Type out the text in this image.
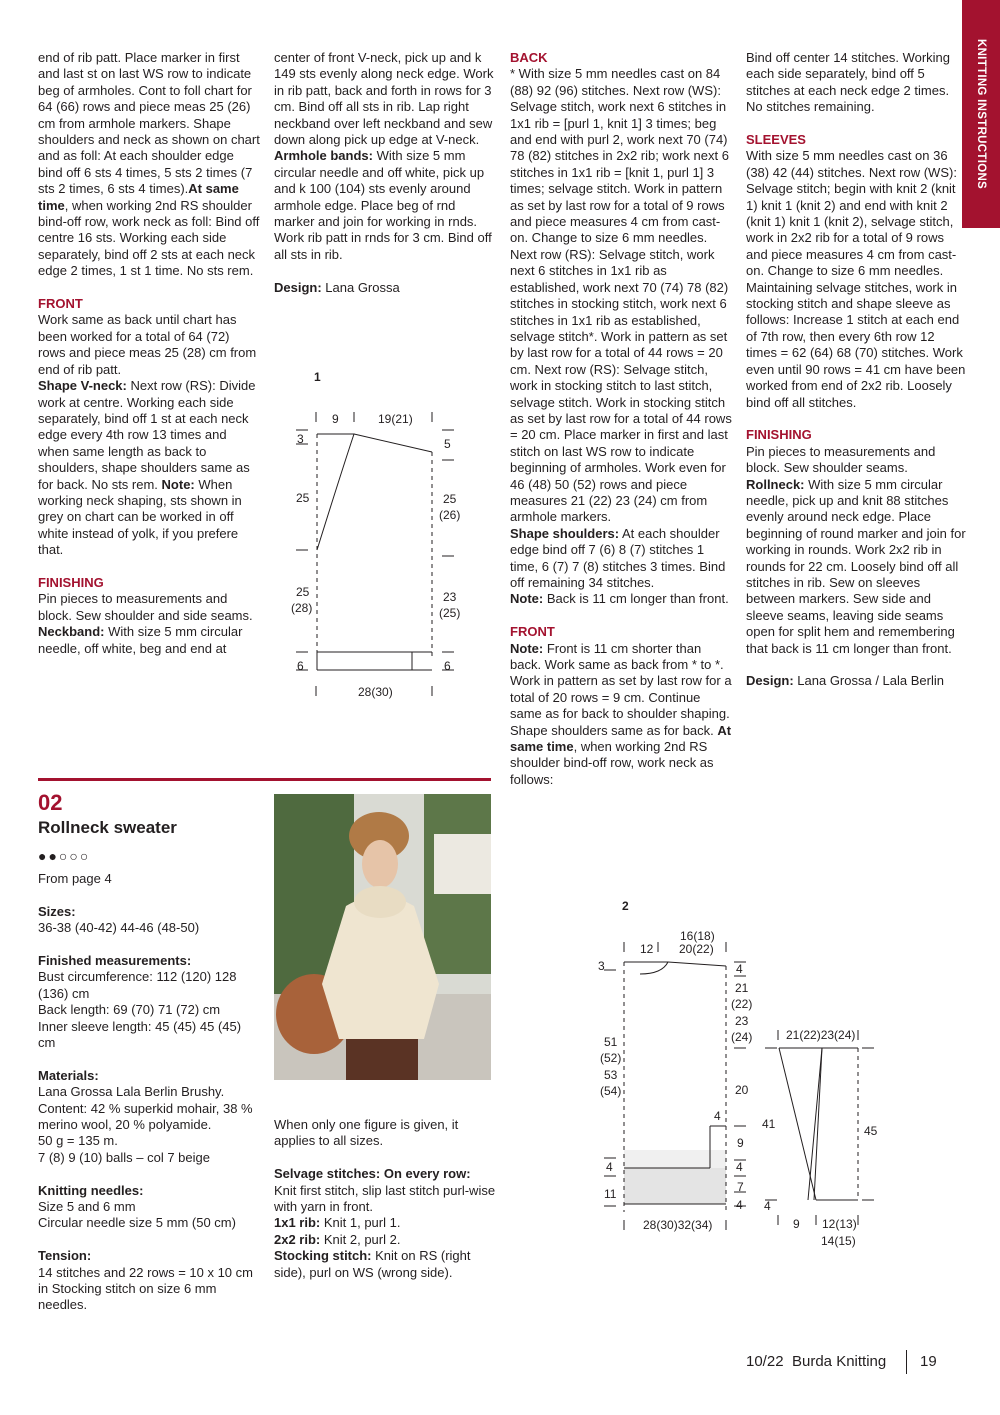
KNITTING INSTRUCTIONS

end of rib patt. Place marker in first and last st on last WS row to indicate beg of armholes. Cont to foll chart for 64 (66) rows and piece meas 25 (26) cm from armhole markers. Shape shoulders and neck as shown on chart and as foll: At each shoulder edge bind off 6 sts 4 times, 5 sts 2 times (7 sts 2 times, 6 sts 4 times).At same time, when working 2nd RS shoulder bind-off row, work neck as foll: Bind off centre 16 sts. Working each side separately, bind off 2 sts at each neck edge 2 times, 1 st 1 time. No sts rem.

FRONT

Work same as back until chart has been worked for a total of 64 (72) rows and piece meas 25 (28) cm from end of rib patt.

Shape V-neck: Next row (RS): Divide work at centre. Working each side separately, bind off 1 st at each neck edge every 4th row 13 times and when same length as back to shoulders, shape shoulders same as for back. No sts rem. Note: When working neck shaping, sts shown in grey on chart can be worked in off white instead of yolk, if you prefere that.

FINISHING

Pin pieces to measurements and block. Sew shoulder and side seams.

Neckband: With size 5 mm circular needle, off white, beg and end at

center of front V-neck, pick up and k 149 sts evenly along neck edge. Work in rib patt, back and forth in rows for 3 cm. Bind off all sts in rib. Lap right neckband over left neckband and sew down along pick up edge at V-neck.

Armhole bands: With size 5 mm circular needle and off white, pick up and k 100 (104) sts evenly around armhole edge. Place beg of rnd marker and join for working in rnds. Work rib patt in rnds for 3 cm. Bind off all sts in rib.

Design: Lana Grossa

1
9	19(21)
3	5
25	25
(26)
25
(28)
23
(25)
6	6
28(30)
02
Rollneck sweater
●●○○○

From page 4

Sizes:

36-38 (40-42) 44-46 (48-50)

Finished measurements:

Bust circumference: 112 (120) 128 (136) cm

Back length: 69 (70) 71 (72) cm

Inner sleeve length: 45 (45) 45 (45) cm

Materials:

Lana Grossa Lala Berlin Brushy.

Content: 42 % superkid mohair, 38 % merino wool, 20 % polyamide.

50 g = 135 m.

7 (8) 9 (10) balls – col 7 beige

Knitting needles:

Size 5 and 6 mm

Circular needle size 5 mm (50 cm)

Tension:

14 stitches and 22 rows = 10 x 10 cm in Stocking stitch on size 6 mm needles.

When only one figure is given, it applies to all sizes.

Selvage stitches: On every row:

Knit first stitch, slip last stitch purl-wise with yarn in front.

1x1 rib: Knit 1, purl 1.

2x2 rib: Knit 2, purl 2.

Stocking stitch: Knit on RS (right side), purl on WS (wrong side).

BACK

* With size 5 mm needles cast on 84 (88) 92 (96) stitches. Next row (WS): Selvage stitch, work next 6 stitches in 1x1 rib = [purl 1, knit 1] 3 times; beg and end with purl 2, work next 70 (74) 78 (82) stitches in 2x2 rib; work next 6 stitches in 1x1 rib = [knit 1, purl 1] 3 times; selvage stitch. Work in pattern as set by last row for a total of 9 rows and piece measures 4 cm from cast-on. Change to size 6 mm needles. Next row (RS): Selvage stitch, work next 6 stitches in 1x1 rib as established, work next 70 (74) 78 (82) stitches in stocking stitch, work next 6 stitches in 1x1 rib as established, selvage stitch*. Work in pattern as set by last row for a total of 44 rows = 20 cm. Next row (RS): Selvage stitch, work in stocking stitch to last stitch, selvage stitch. Work in stocking stitch as set by last row for a total of 44 rows = 20 cm. Place marker in first and last stitch on last WS row to indicate beginning of armholes. Work even for 46 (48) 50 (52) rows and piece measures 21 (22) 23 (24) cm from armhole markers.

Shape shoulders: At each shoulder edge bind off 7 (6) 8 (7) stitches 1 time, 6 (7) 7 (8) stitches 3 times. Bind off remaining 34 stitches.

Note: Back is 11 cm longer than front.

FRONT

Note: Front is 11 cm shorter than back. Work same as back from * to *. Work in pattern as set by last row for a total of 20 rows = 9 cm. Continue same as for back to shoulder shaping. Shape shoulders same as for back. At same time, when working 2nd RS shoulder bind-off row, work neck as follows:

Bind off center 14 stitches. Working each side separately, bind off 5 stitches at each neck edge 2 times. No stitches remaining.

SLEEVES

With size 5 mm needles cast on 36 (38) 42 (44) stitches. Next row (WS): Selvage stitch; begin with knit 2 (knit 1) knit 1 (knit 2) and end with knit 2 (knit 1) knit 1 (knit 2), selvage stitch, work in 2x2 rib for a total of 9 rows and piece measures 4 cm from cast-on. Change to size 6 mm needles. Maintaining selvage stitches, work in stocking stitch and shape sleeve as follows: Increase 1 stitch at each end of 7th row, then every 6th row 12 times = 62 (64) 68 (70) stitches. Work even until 90 rows = 41 cm have been worked from end of 2x2 rib. Loosely bind off all stitches.

FINISHING

Pin pieces to measurements and block. Sew shoulder seams.

Rollneck: With size 5 mm circular needle, pick up and knit 88 stitches evenly around neck edge. Place beginning of round marker and join for working in rounds. Work 2x2 rib in rounds for 22 cm. Loosely bind off all stitches in rib. Sew on sleeves between markers. Sew side and sleeve seams, leaving side seams open for split hem and remembering that back is 11 cm longer than front.

Design: Lana Grossa / Lala Berlin

2
16(18)
12 20(22)
3	4
21
(22)
23
(24)
51
(52)
53
(54)	20
4
9
4	4
11	7
4
28(30)32(34)
21(22)23(24)
41	45
4
9 12(13)
14(15)
10/22 Burda Knitting 19
